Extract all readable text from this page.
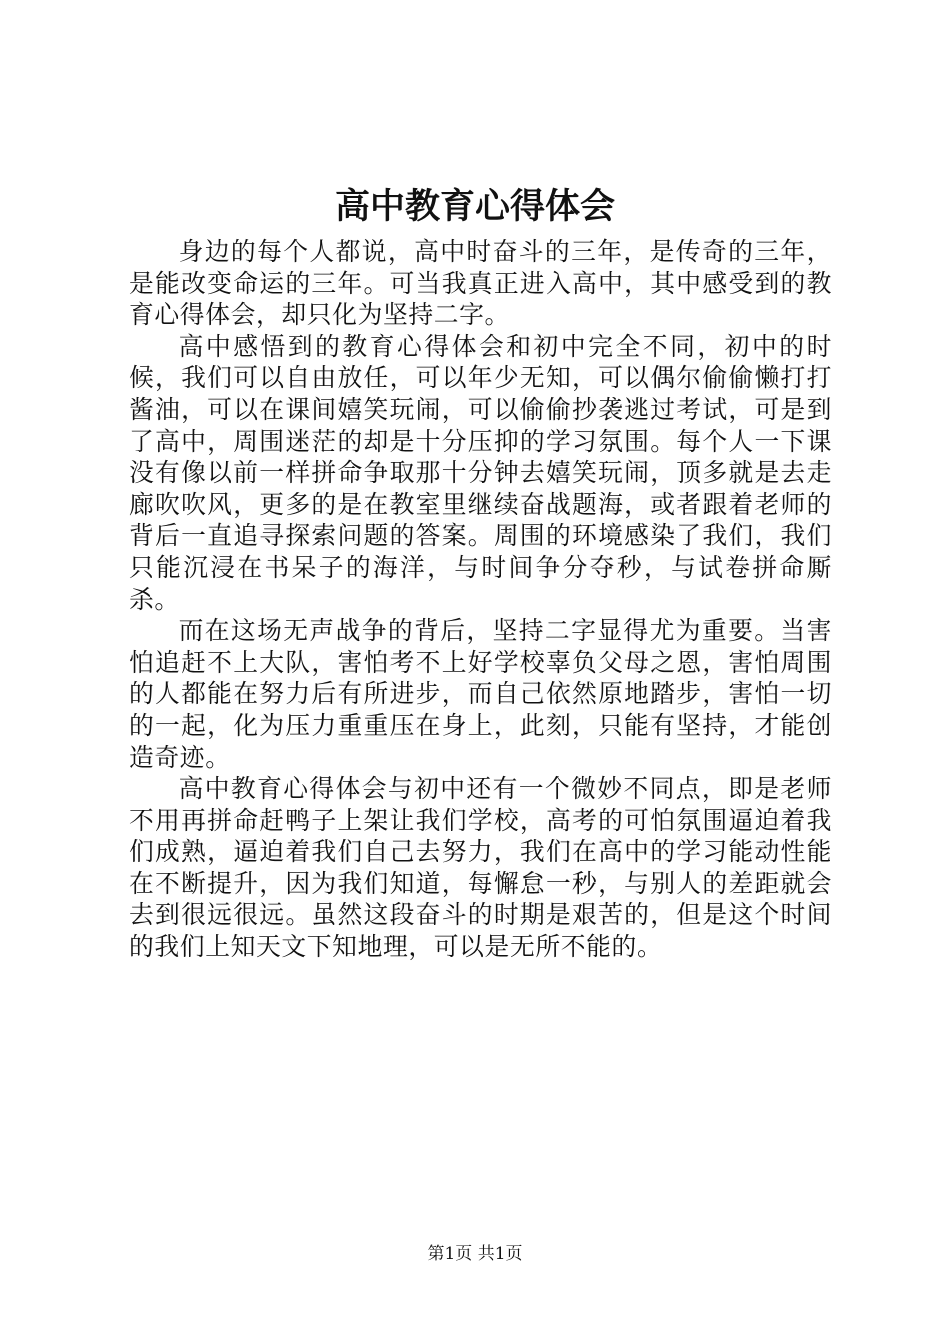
高中教育心得体会

身边的每个人都说，高中时奋斗的三年，是传奇的三年，是能改变命运的三年。可当我真正进入高中，其中感受到的教育心得体会，却只化为坚持二字。

高中感悟到的教育心得体会和初中完全不同，初中的时候，我们可以自由放任，可以年少无知，可以偶尔偷偷懒打打酱油，可以在课间嬉笑玩闹，可以偷偷抄袭逃过考试，可是到了高中，周围迷茫的却是十分压抑的学习氛围。每个人一下课没有像以前一样拼命争取那十分钟去嬉笑玩闹，顶多就是去走廊吹吹风，更多的是在教室里继续奋战题海，或者跟着老师的背后一直追寻探索问题的答案。周围的环境感染了我们，我们只能沉浸在书呆子的海洋，与时间争分夺秒，与试卷拼命厮杀。

而在这场无声战争的背后，坚持二字显得尤为重要。当害怕追赶不上大队，害怕考不上好学校辜负父母之恩，害怕周围的人都能在努力后有所进步，而自己依然原地踏步，害怕一切的一起，化为压力重重压在身上，此刻，只能有坚持，才能创造奇迹。

高中教育心得体会与初中还有一个微妙不同点，即是老师不用再拼命赶鸭子上架让我们学校，高考的可怕氛围逼迫着我们成熟，逼迫着我们自己去努力，我们在高中的学习能动性能在不断提升，因为我们知道，每懈怠一秒，与别人的差距就会去到很远很远。虽然这段奋斗的时期是艰苦的，但是这个时间的我们上知天文下知地理，可以是无所不能的。

第1页 共1页
